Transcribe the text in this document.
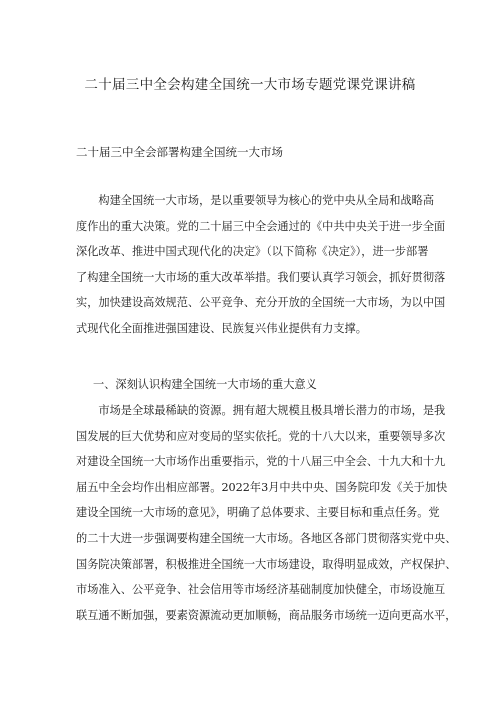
二十届三中全会构建全国统一大市场专题党课党课讲稿
二十届三中全会部署构建全国统一大市场
　　构建全国统一大市场，是以重要领导为核心的党中央从全局和战略高
度作出的重大决策。党的二十届三中全会通过的《中共中央关于进一步全面
深化改革、推进中国式现代化的决定》（以下简称《决定》），进一步部署
了构建全国统一大市场的重大改革举措。我们要认真学习领会，抓好贯彻落
实，加快建设高效规范、公平竞争、充分开放的全国统一大市场，为以中国
式现代化全面推进强国建设、民族复兴伟业提供有力支撑。
一、深刻认识构建全国统一大市场的重大意义
　　市场是全球最稀缺的资源。拥有超大规模且极具增长潜力的市场，是我
国发展的巨大优势和应对变局的坚实依托。党的十八大以来，重要领导多次
对建设全国统一大市场作出重要指示，党的十八届三中全会、十九大和十九
届五中全会均作出相应部署。2022年3月中共中央、国务院印发《关于加快
建设全国统一大市场的意见》，明确了总体要求、主要目标和重点任务。党
的二十大进一步强调要构建全国统一大市场。各地区各部门贯彻落实党中央、
国务院决策部署，积极推进全国统一大市场建设，取得明显成效，产权保护、
市场准入、公平竞争、社会信用等市场经济基础制度加快健全，市场设施互
联互通不断加强，要素资源流动更加顺畅，商品服务市场统一迈向更高水平，
